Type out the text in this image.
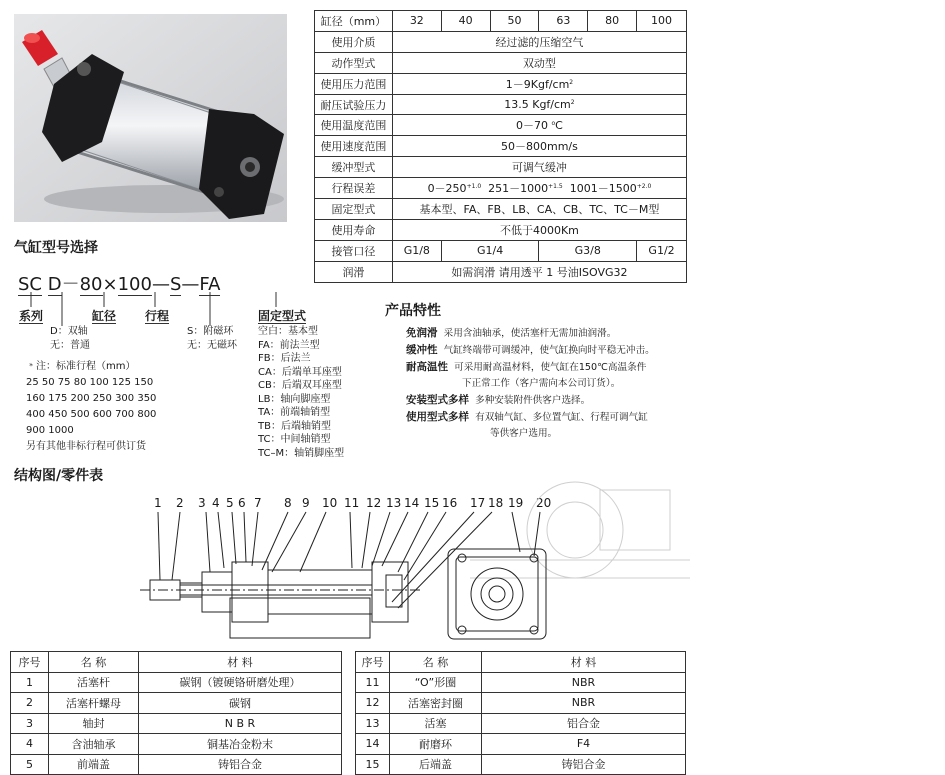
缸径（mm）	32	40	50	63	80	100
使用介质	经过滤的压缩空气					
动作型式	双动型					
使用压力范围	$1-9Kgf/cm^2$
耐压试验压力	13.5 Kgf/$cm^2$
使用温度范围	0－70 $^o$C					
使用速度范围	50－800mm/s					
缓冲型式	可调气缓冲					
行程误差	$0-250^{+1.0}$ $251-1000^{+1.5}$ $1001-1500^{+2.0}$
固定型式	基本型、FA、FB、LB、CA、CB、TC、TC－M型					
使用寿命	不低于4000Km					
接管口径	G1/8	G1/4		G3/8		G1/2
润滑	如需润滑 请用透平 1 号油ISOVG32					
气缸型号选择
SC D－80×100—S—FA
系列	缸径 行程	固定型式
D：双轴
无：普通
S：附磁环
无：无磁环
空白：基本型
FA：前法兰型
FB：后法兰
CA：后端单耳座型
CB：后端双耳座型
LB：轴向脚座型
TA：前端轴销型
TB：后端轴销型
TC：中间轴销型
TC–M：轴销脚座型
﹡注：标准行程（mm）
25 50 75 80 100 125 150
160 175 200 250 300 350
400 450 500 600 700 800
900 1000
另有其他非标行程可供订货
产品特性
免润滑 采用含油轴承，使活塞杆无需加油润滑。
缓冲性 气缸终端带可调缓冲，使气缸换向时平稳无冲击。
耐高温性 可采用耐高温材料，使气缸在150℃高温条件
下正常工作（客户需向本公司订货）。
安装型式多样 多种安装附件供客户选择。
使用型式多样 有双轴气缸、多位置气缸、行程可调气缸
等供客户选用。
结构图/零件表
1 2 3 4 5 6 7 8 9 10 11 12 13 14 15 16 17 18 19 20
序号	名 称	材 料
1	活塞杆	碳钢（镀硬铬研磨处理）
2	活塞杆螺母	碳钢
3	轴封	N B R
4	含油轴承	铜基冶金粉末
5	前端盖	铸铝合金
序号	名 称	材 料
11	“O”形圈	NBR
12	活塞密封圈	NBR
13	活塞	铝合金
14	耐磨环	F4
15	后端盖	铸铝合金
